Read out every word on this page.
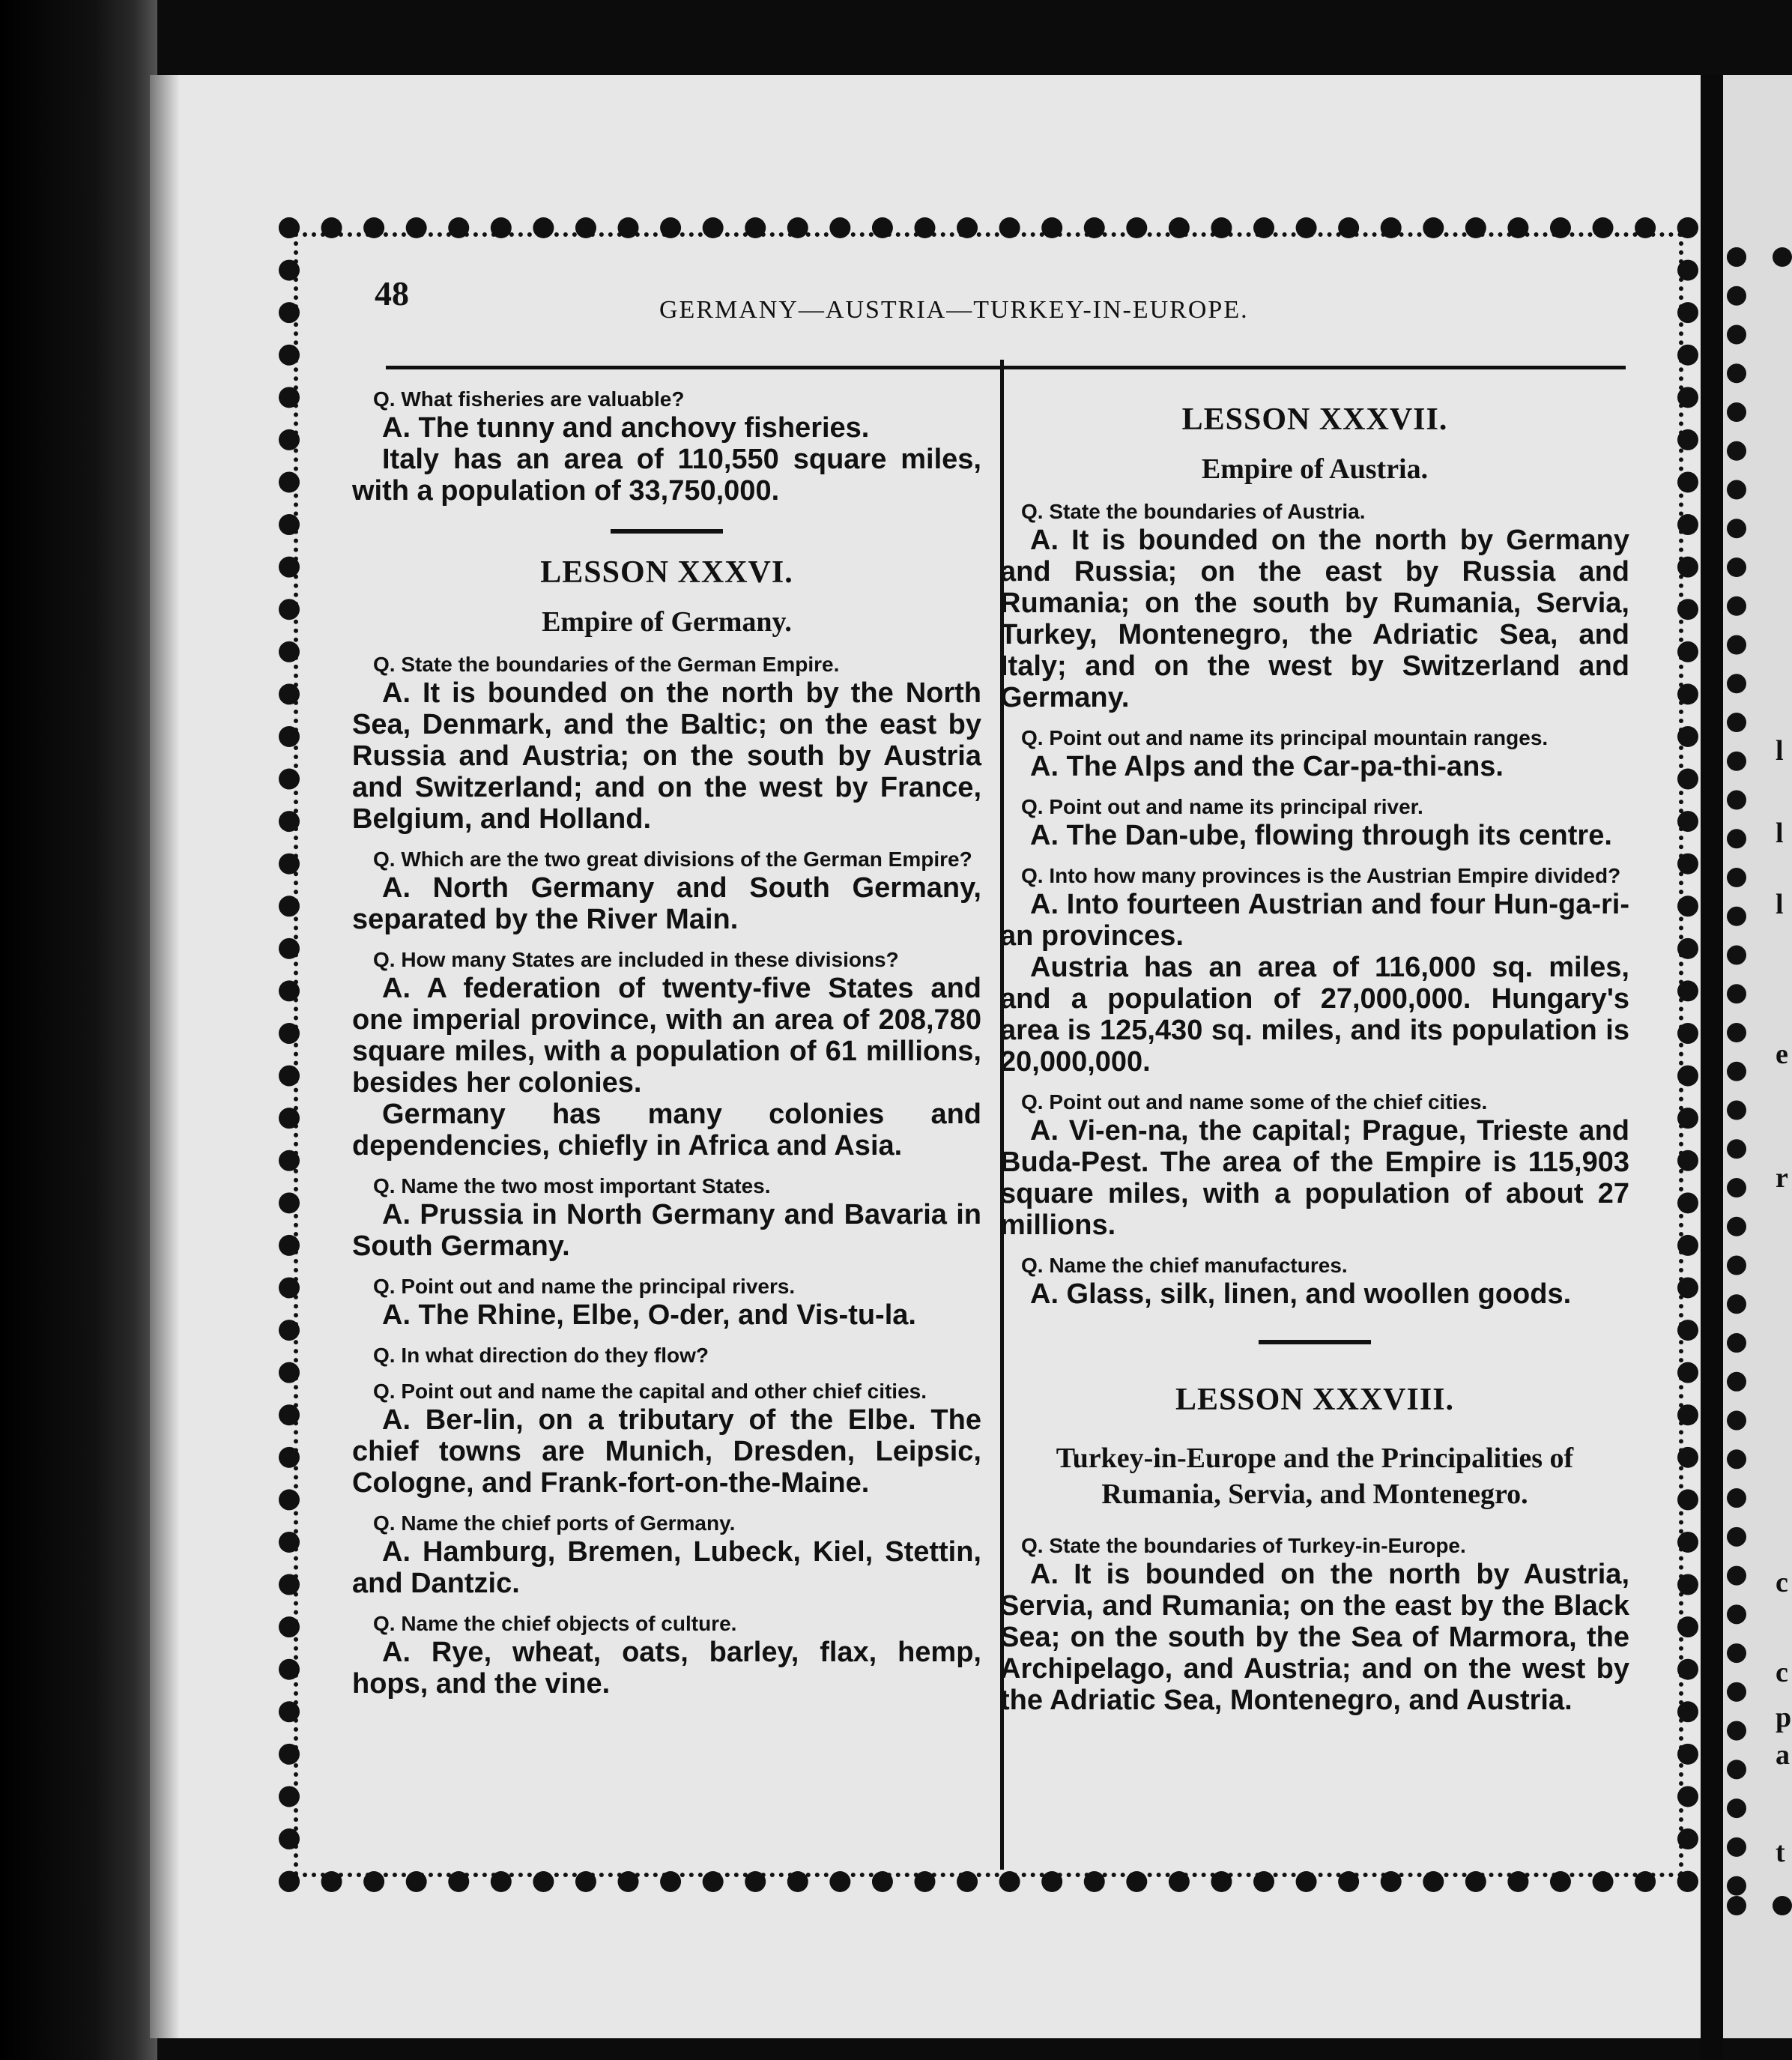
l
l
l
e
r
c
c
p
a
t
48	GERMANY—AUSTRIA—TURKEY-IN-EUROPE.
Q. What fisheries are valuable?
A. The tunny and anchovy fisheries.
Italy has an area of 110,550 square miles, with a population of 33,750,000.
LESSON XXXVI.
Empire of Germany.
Q. State the boundaries of the German Empire.
A. It is bounded on the north by the North Sea, Denmark, and the Baltic; on the east by Russia and Austria; on the south by Austria and Switzerland; and on the west by France, Belgium, and Holland.
Q. Which are the two great divisions of the German Empire?
A. North Germany and South Germany, separated by the River Main.
Q. How many States are included in these divisions?
A. A federation of twenty-five States and one imperial province, with an area of 208,780 square miles, with a population of 61 millions, besides her colonies.
Germany has many colonies and dependencies, chiefly in Africa and Asia.
Q. Name the two most important States.
A. Prussia in North Germany and Bavaria in South Germany.
Q. Point out and name the principal rivers.
A. The Rhine, Elbe, O-der, and Vis-tu-la.
Q. In what direction do they flow?
Q. Point out and name the capital and other chief cities.
A. Ber-lin, on a tributary of the Elbe. The chief towns are Munich, Dresden, Leipsic, Cologne, and Frank-fort-on-the-Maine.
Q. Name the chief ports of Germany.
A. Hamburg, Bremen, Lubeck, Kiel, Stettin, and Dantzic.
Q. Name the chief objects of culture.
A. Rye, wheat, oats, barley, flax, hemp, hops, and the vine.
LESSON XXXVII.
Empire of Austria.
Q. State the boundaries of Austria.
A. It is bounded on the north by Germany and Russia; on the east by Russia and Rumania; on the south by Rumania, Servia, Turkey, Montenegro, the Adriatic Sea, and Italy; and on the west by Switzerland and Germany.
Q. Point out and name its principal mountain ranges.
A. The Alps and the Car-pa-thi-ans.
Q. Point out and name its principal river.
A. The Dan-ube, flowing through its centre.
Q. Into how many provinces is the Austrian Empire divided?
A. Into fourteen Austrian and four Hun-ga-ri-an provinces.
Austria has an area of 116,000 sq. miles, and a population of 27,000,000. Hungary's area is 125,430 sq. miles, and its population is 20,000,000.
Q. Point out and name some of the chief cities.
A. Vi-en-na, the capital; Prague, Trieste and Buda-Pest. The area of the Empire is 115,903 square miles, with a population of about 27 millions.
Q. Name the chief manufactures.
A. Glass, silk, linen, and woollen goods.
LESSON XXXVIII.
Turkey-in-Europe and the Principalities of Rumania, Servia, and Montenegro.
Q. State the boundaries of Turkey-in-Europe.
A. It is bounded on the north by Austria, Servia, and Rumania; on the east by the Black Sea; on the south by the Sea of Marmora, the Archipelago, and Austria; and on the west by the Adriatic Sea, Montenegro, and Austria.
